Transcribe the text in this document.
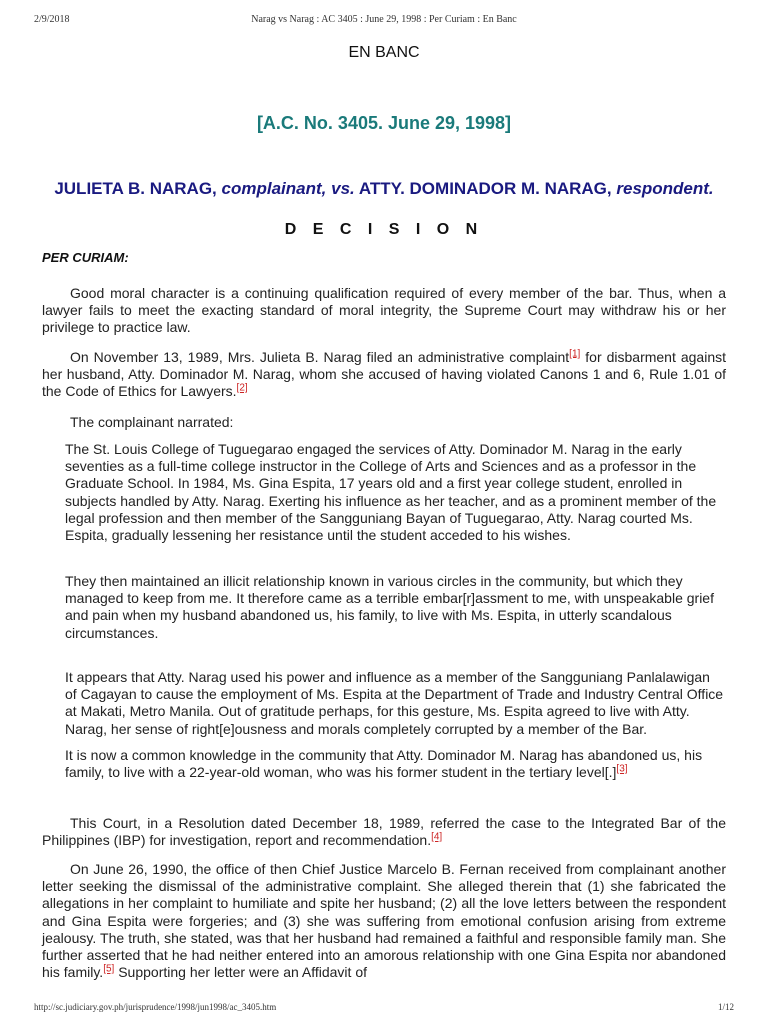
2/9/2018	Narag vs Narag : AC 3405 : June 29, 1998 : Per Curiam : En Banc
EN BANC
[A.C. No. 3405. June 29, 1998]
JULIETA B. NARAG, complainant, vs. ATTY. DOMINADOR M. NARAG, respondent.
D E C I S I O N
PER CURIAM:
Good moral character is a continuing qualification required of every member of the bar. Thus, when a lawyer fails to meet the exacting standard of moral integrity, the Supreme Court may withdraw his or her privilege to practice law.
On November 13, 1989, Mrs. Julieta B. Narag filed an administrative complaint[1] for disbarment against her husband, Atty. Dominador M. Narag, whom she accused of having violated Canons 1 and 6, Rule 1.01 of the Code of Ethics for Lawyers.[2]
The complainant narrated:
The St. Louis College of Tuguegarao engaged the services of Atty. Dominador M. Narag in the early seventies as a full-time college instructor in the College of Arts and Sciences and as a professor in the Graduate School. In 1984, Ms. Gina Espita, 17 years old and a first year college student, enrolled in subjects handled by Atty. Narag. Exerting his influence as her teacher, and as a prominent member of the legal profession and then member of the Sangguniang Bayan of Tuguegarao, Atty. Narag courted Ms. Espita, gradually lessening her resistance until the student acceded to his wishes.
They then maintained an illicit relationship known in various circles in the community, but which they managed to keep from me. It therefore came as a terrible embar[r]assment to me, with unspeakable grief and pain when my husband abandoned us, his family, to live with Ms. Espita, in utterly scandalous circumstances.
It appears that Atty. Narag used his power and influence as a member of the Sangguniang Panlalawigan of Cagayan to cause the employment of Ms. Espita at the Department of Trade and Industry Central Office at Makati, Metro Manila. Out of gratitude perhaps, for this gesture, Ms. Espita agreed to live with Atty. Narag, her sense of right[e]ousness and morals completely corrupted by a member of the Bar.
It is now a common knowledge in the community that Atty. Dominador M. Narag has abandoned us, his family, to live with a 22-year-old woman, who was his former student in the tertiary level[.][3]
This Court, in a Resolution dated December 18, 1989, referred the case to the Integrated Bar of the Philippines (IBP) for investigation, report and recommendation.[4]
On June 26, 1990, the office of then Chief Justice Marcelo B. Fernan received from complainant another letter seeking the dismissal of the administrative complaint. She alleged therein that (1) she fabricated the allegations in her complaint to humiliate and spite her husband; (2) all the love letters between the respondent and Gina Espita were forgeries; and (3) she was suffering from emotional confusion arising from extreme jealousy. The truth, she stated, was that her husband had remained a faithful and responsible family man. She further asserted that he had neither entered into an amorous relationship with one Gina Espita nor abandoned his family.[5] Supporting her letter were an Affidavit of
http://sc.judiciary.gov.ph/jurisprudence/1998/jun1998/ac_3405.htm	1/12
